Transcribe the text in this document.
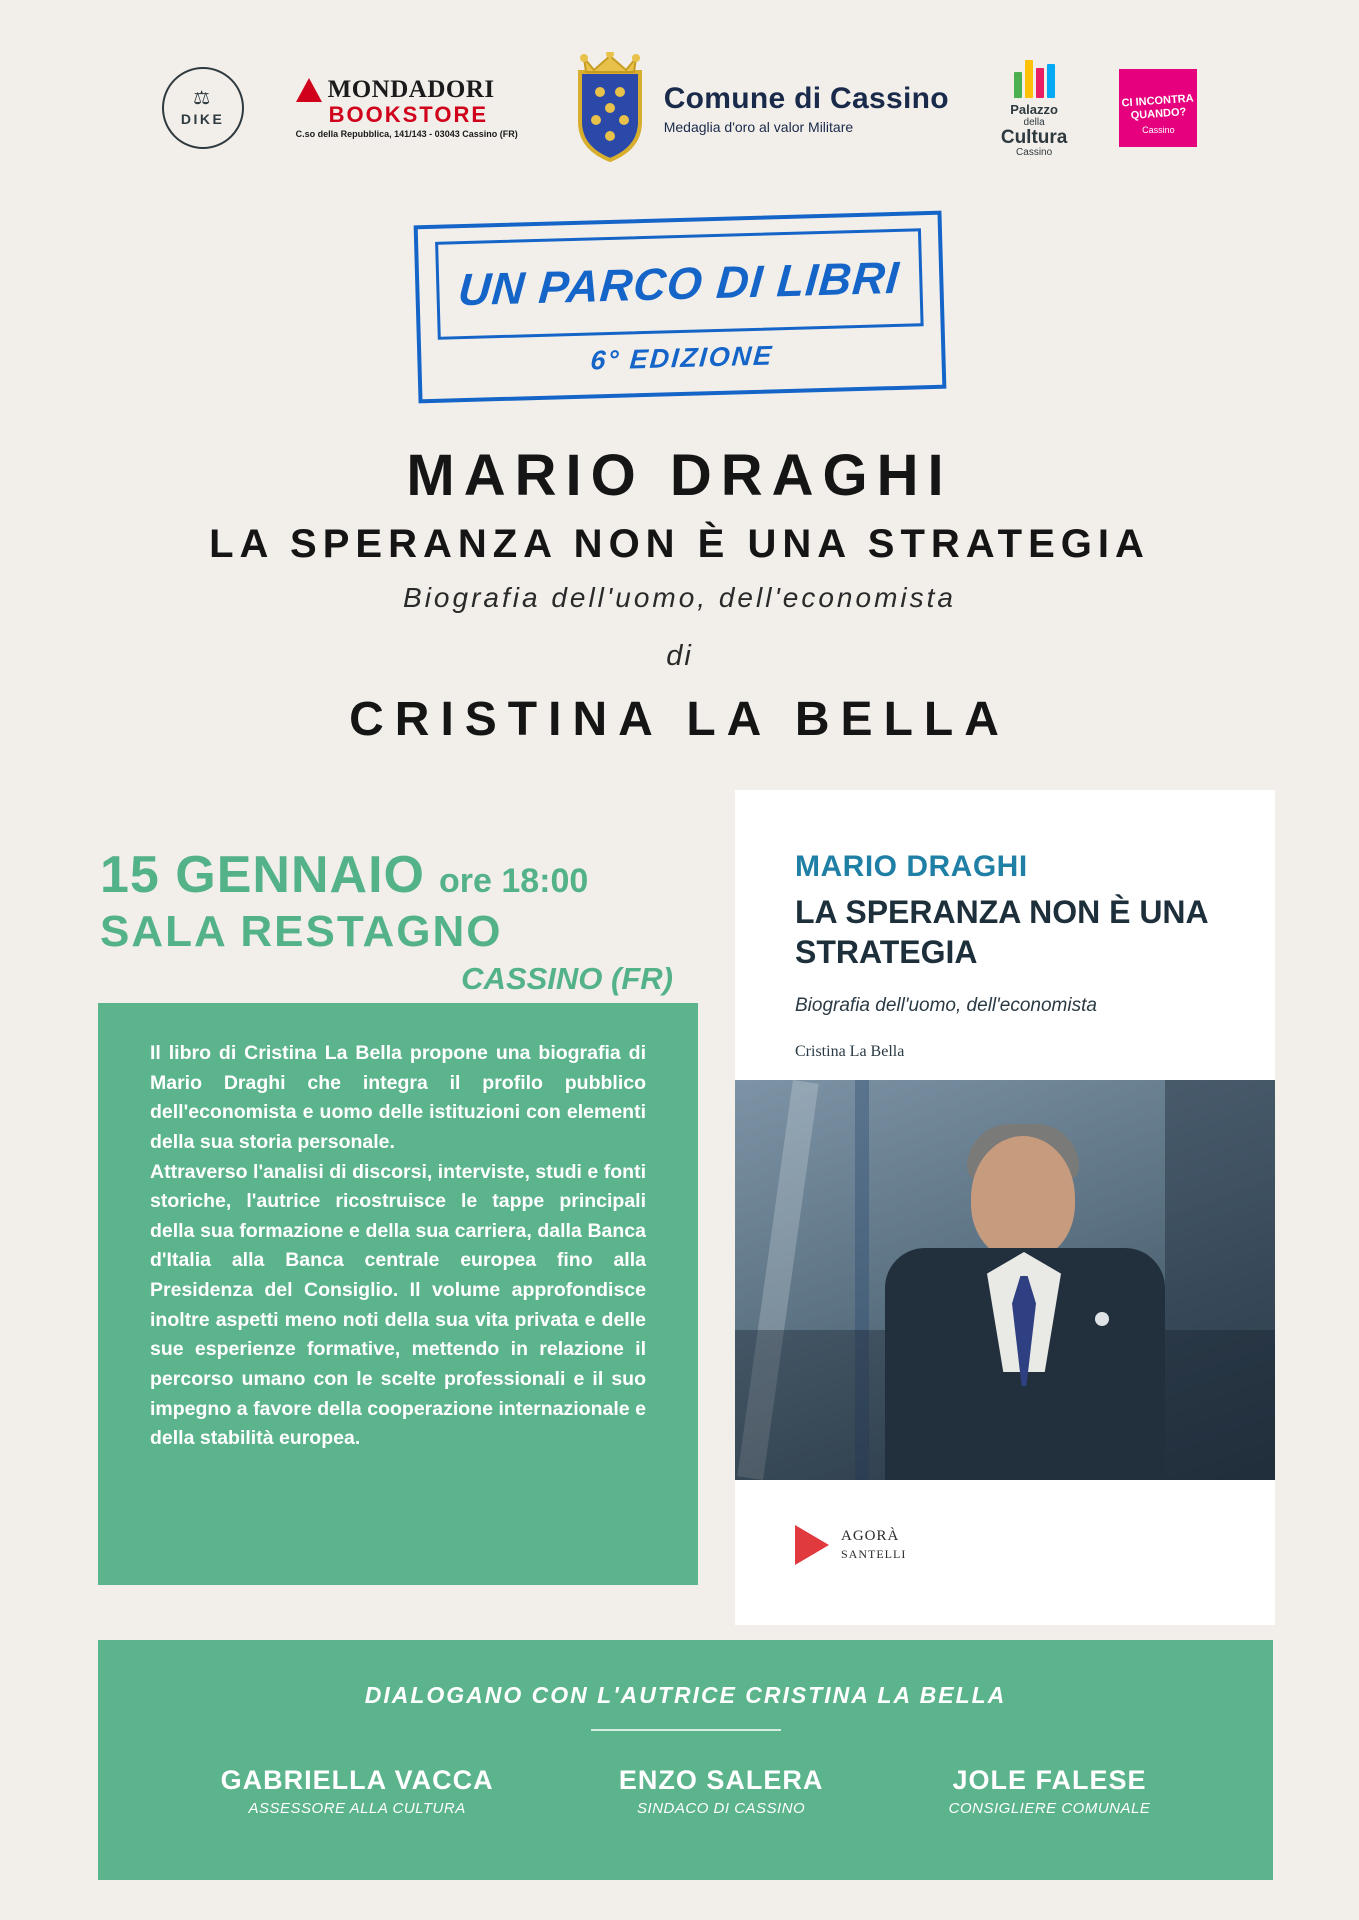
⚖
DIKE
MONDADORI
BOOKSTORE
C.so della Repubblica, 141/143 - 03043 Cassino (FR)
Comune di Cassino
Medaglia d'oro al valor Militare
Palazzo
della
Cultura
Cassino
CI INCONTRA
QUANDO?
Cassino
UN PARCO DI LIBRI
6° EDIZIONE
MARIO DRAGHI
LA SPERANZA NON È UNA STRATEGIA
Biografia dell'uomo, dell'economista
di
CRISTINA LA BELLA
15 GENNAIO ore 18:00
SALA RESTAGNO
CASSINO (FR)

Il libro di Cristina La Bella propone una biografia di Mario Draghi che integra il profilo pubblico dell'economista e uomo delle istituzioni con elementi della sua storia personale.

Attraverso l'analisi di discorsi, interviste, studi e fonti storiche, l'autrice ricostruisce le tappe principali della sua formazione e della sua carriera, dalla Banca d'Italia alla Banca centrale europea fino alla Presidenza del Consiglio. Il volume approfondisce inoltre aspetti meno noti della sua vita privata e delle sue esperienze formative, mettendo in relazione il percorso umano con le scelte professionali e il suo impegno a favore della cooperazione internazionale e della stabilità europea.

MARIO DRAGHI
LA SPERANZA NON È UNA STRATEGIA
Biografia dell'uomo, dell'economista
Cristina La Bella
AGORÀ
SANTELLI
DIALOGANO CON L'AUTRICE CRISTINA LA BELLA
GABRIELLA VACCA
ASSESSORE ALLA CULTURA
ENZO SALERA
SINDACO DI CASSINO
JOLE FALESE
CONSIGLIERE COMUNALE
